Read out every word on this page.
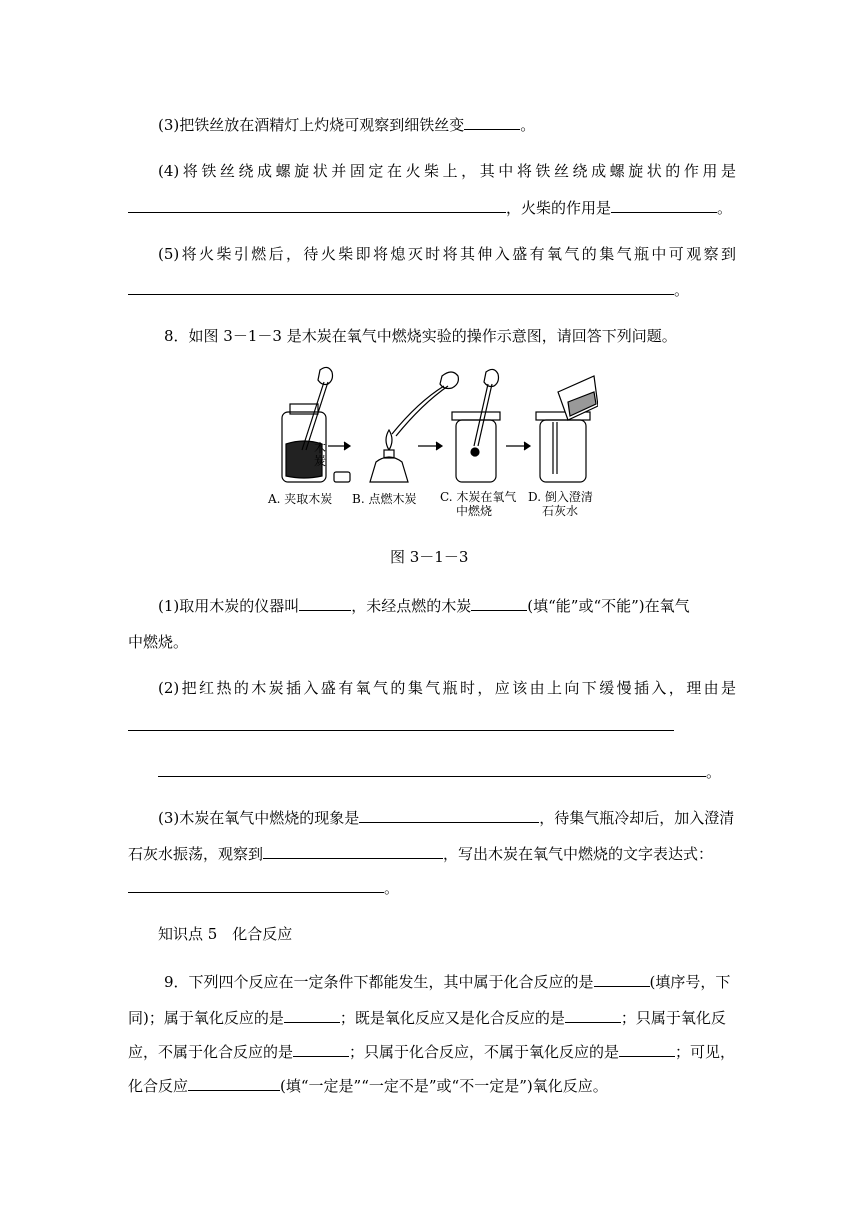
(3)把铁丝放在酒精灯上灼烧可观察到细铁丝变	。
(4)将铁丝绕成螺旋状并固定在火柴上，其中将铁丝绕成螺旋状的作用是
，火柴的作用是	。
(5)将火柴引燃后，待火柴即将熄灭时将其伸入盛有氧气的集气瓶中可观察到
。
8．如图 3－1－3 是木炭在氧气中燃烧实验的操作示意图，请回答下列问题。
木炭
A. 夹取木炭 B. 点燃木炭 C. 木炭在氧气
中燃烧
D. 倒入澄清
石灰水
图 3－1－3
(1)取用木炭的仪器叫	，未经点燃的木炭	(填“能”或“不能”)在氧气
中燃烧。
(2)把红热的木炭插入盛有氧气的集气瓶时，应该由上向下缓慢插入，理由是
。
(3)木炭在氧气中燃烧的现象是	，待集气瓶冷却后，加入澄清
石灰水振荡，观察到	，写出木炭在氧气中燃烧的文字表达式：
。
知识点 5　化合反应
9．下列四个反应在一定条件下都能发生，其中属于化合反应的是	(填序号，下
同)；属于氧化反应的是	；既是氧化反应又是化合反应的是	；只属于氧化反
应，不属于化合反应的是	；只属于化合反应，不属于氧化反应的是	；可见，
化合反应	(填“一定是”“一定不是”或“不一定是”)氧化反应。
